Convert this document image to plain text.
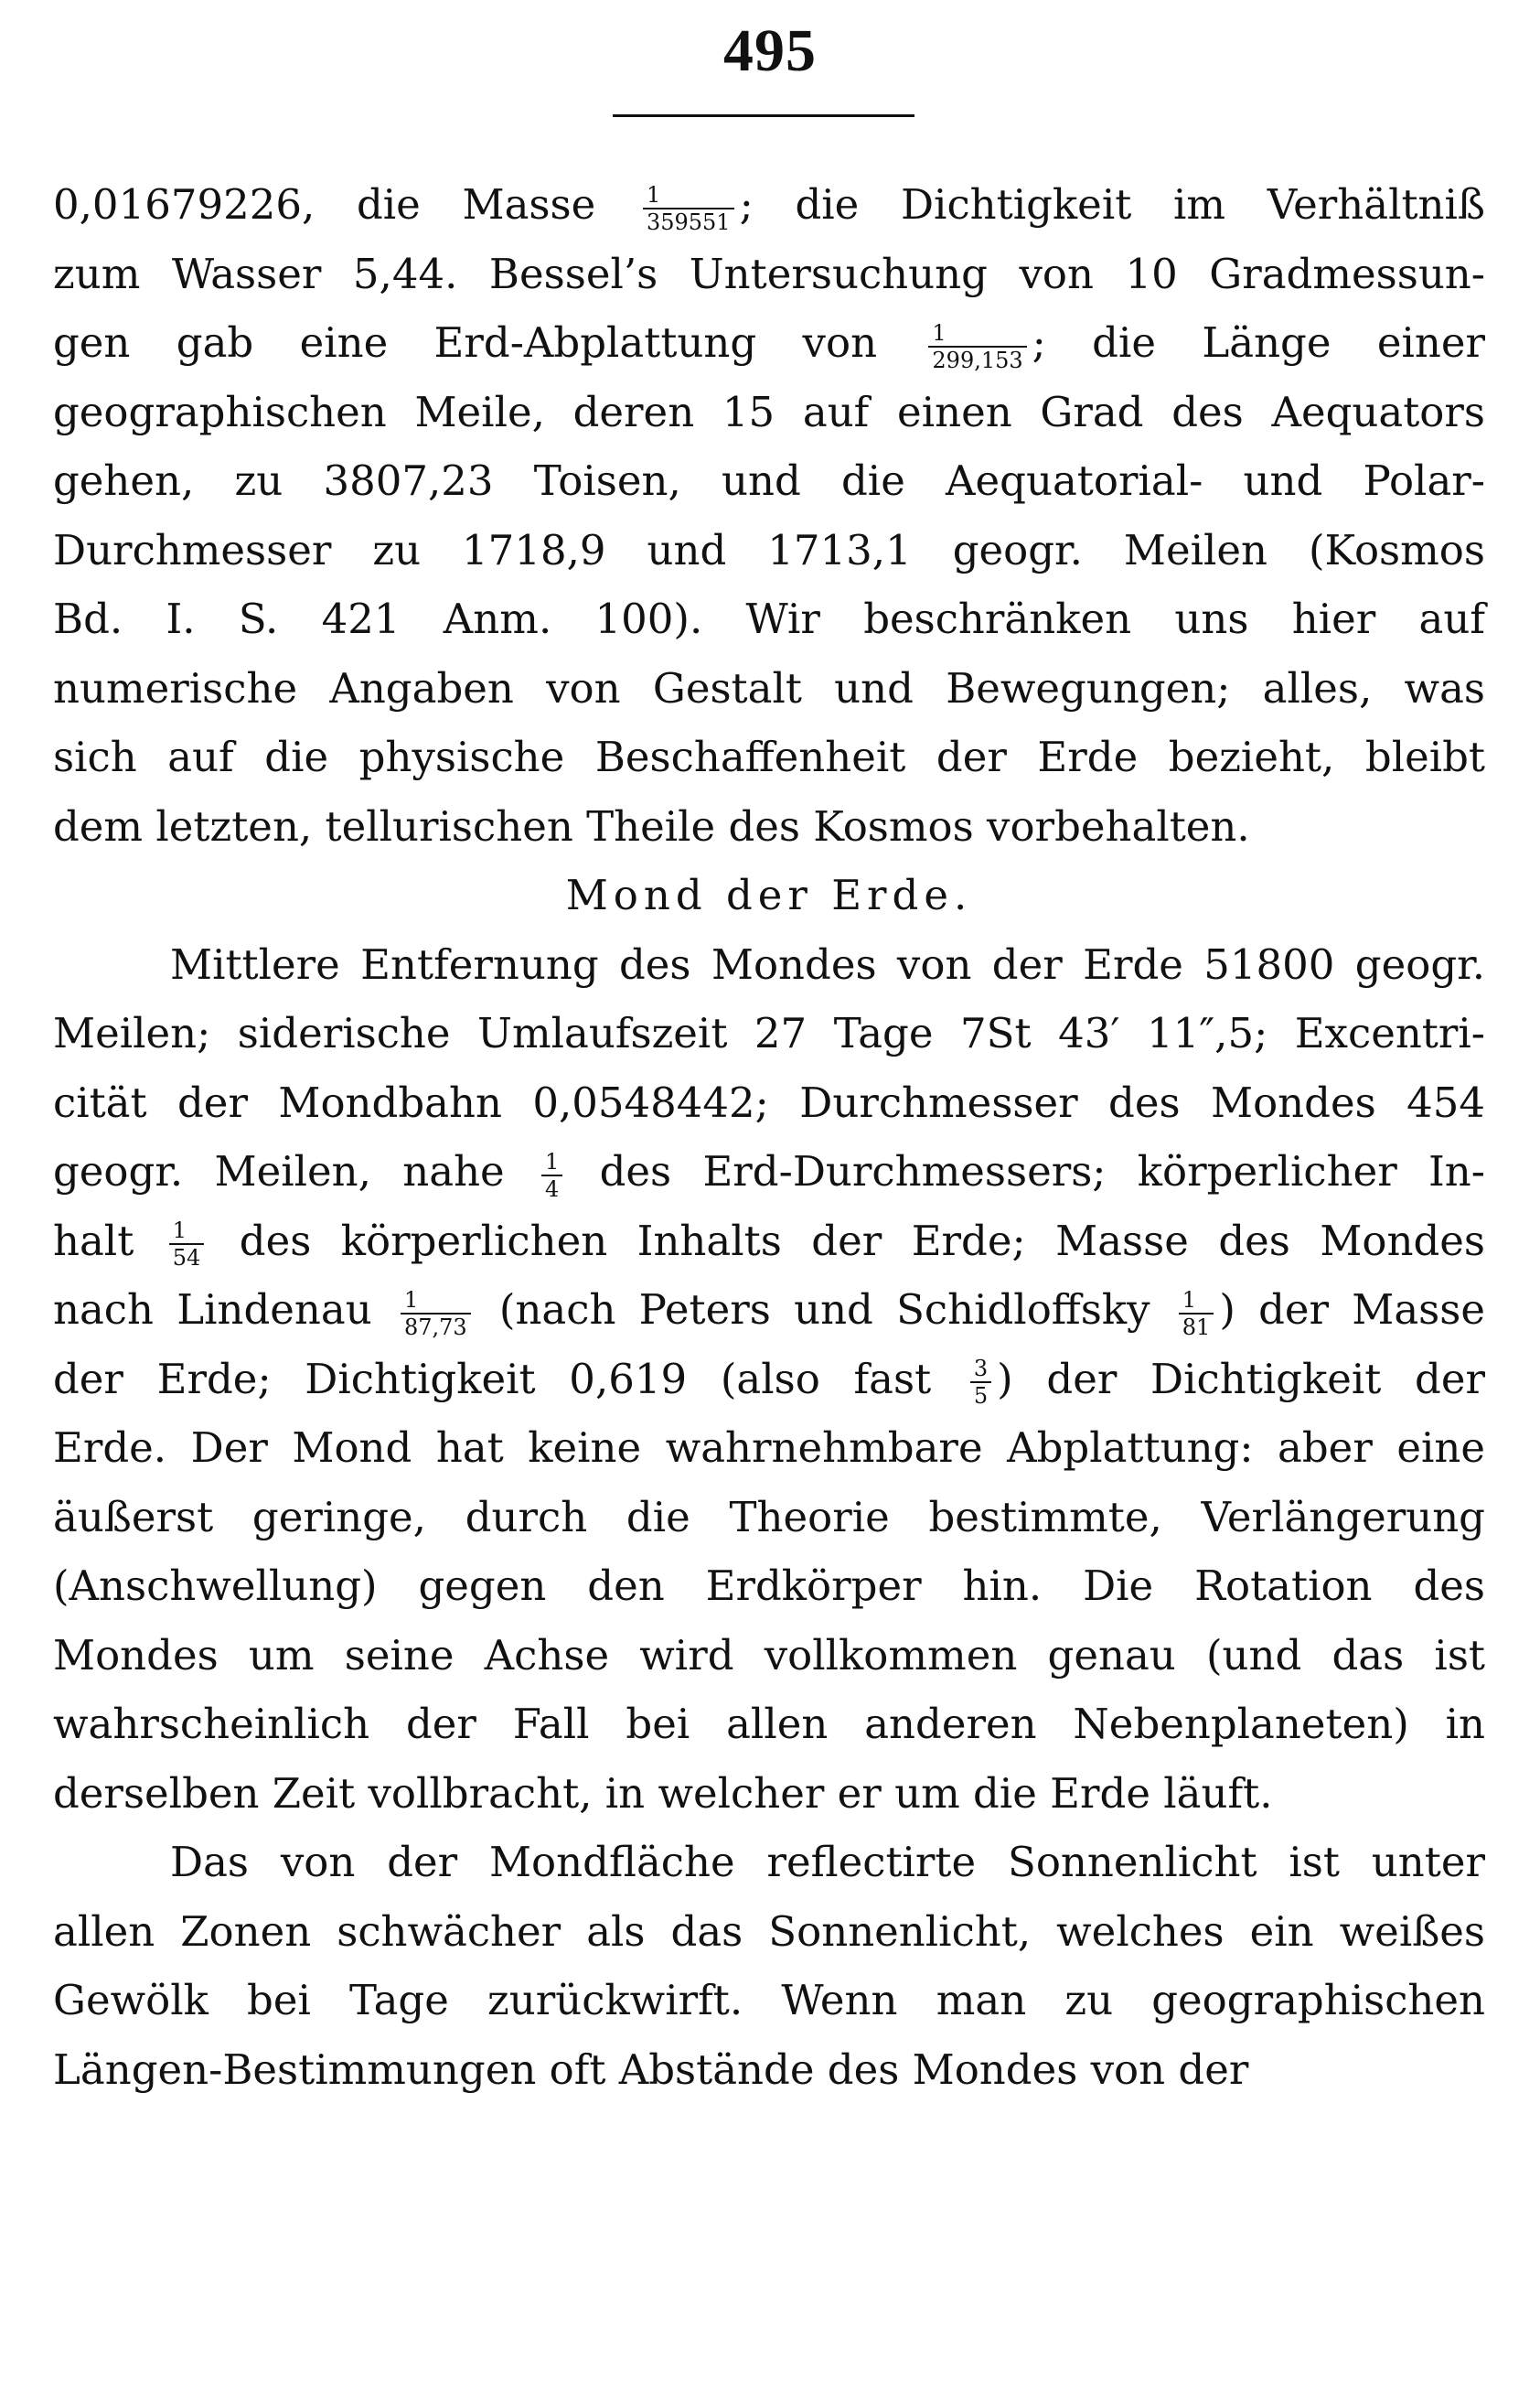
495
0,01679226, die Masse $\frac{1}{359551}$ ; die Dichtigkeit im Verhältniß
zum Wasser 5,44. Bessel’s Untersuchung von 10 Gradmessun-
gen gab eine Erd-Abplattung von $\frac{1}{299,153}$ ; die Länge einer
geographischen Meile, deren 15 auf einen Grad des Aequators
gehen, zu 3807,23 Toisen, und die Aequatorial- und Polar-
Durchmesser zu 1718,9 und 1713,1 geogr. Meilen (Kosmos
Bd. I. S. 421 Anm. 100). Wir beschränken uns hier auf
numerische Angaben von Gestalt und Bewegungen; alles, was
sich auf die physische Beschaffenheit der Erde bezieht, bleibt
dem letzten, tellurischen Theile des Kosmos vorbehalten.
Mond der Erde.
Mittlere Entfernung des Mondes von der Erde 51800 geogr.
Meilen; siderische Umlaufszeit 27 Tage 7St 43′ 11″,5; Excentri-
cität der Mondbahn 0,0548442; Durchmesser des Mondes 454
geogr. Meilen, nahe $\frac{1}{4}$ des Erd-Durchmessers; körperlicher In-
halt $\frac{1}{54}$ des körperlichen Inhalts der Erde; Masse des Mondes
nach Lindenau $\frac{1}{87,73}$ (nach Peters und Schidloffsky $\frac{1}{81}$ ) der Masse
der Erde; Dichtigkeit 0,619 (also fast $\frac{3}{5}$ ) der Dichtigkeit der
Erde. Der Mond hat keine wahrnehmbare Abplattung: aber eine
äußerst geringe, durch die Theorie bestimmte, Verlängerung
(Anschwellung) gegen den Erdkörper hin. Die Rotation des
Mondes um seine Achse wird vollkommen genau (und das ist
wahrscheinlich der Fall bei allen anderen Nebenplaneten) in
derselben Zeit vollbracht, in welcher er um die Erde läuft.
Das von der Mondfläche reflectirte Sonnenlicht ist unter
allen Zonen schwächer als das Sonnenlicht, welches ein weißes
Gewölk bei Tage zurückwirft. Wenn man zu geographischen
Längen-Bestimmungen oft Abstände des Mondes von der
